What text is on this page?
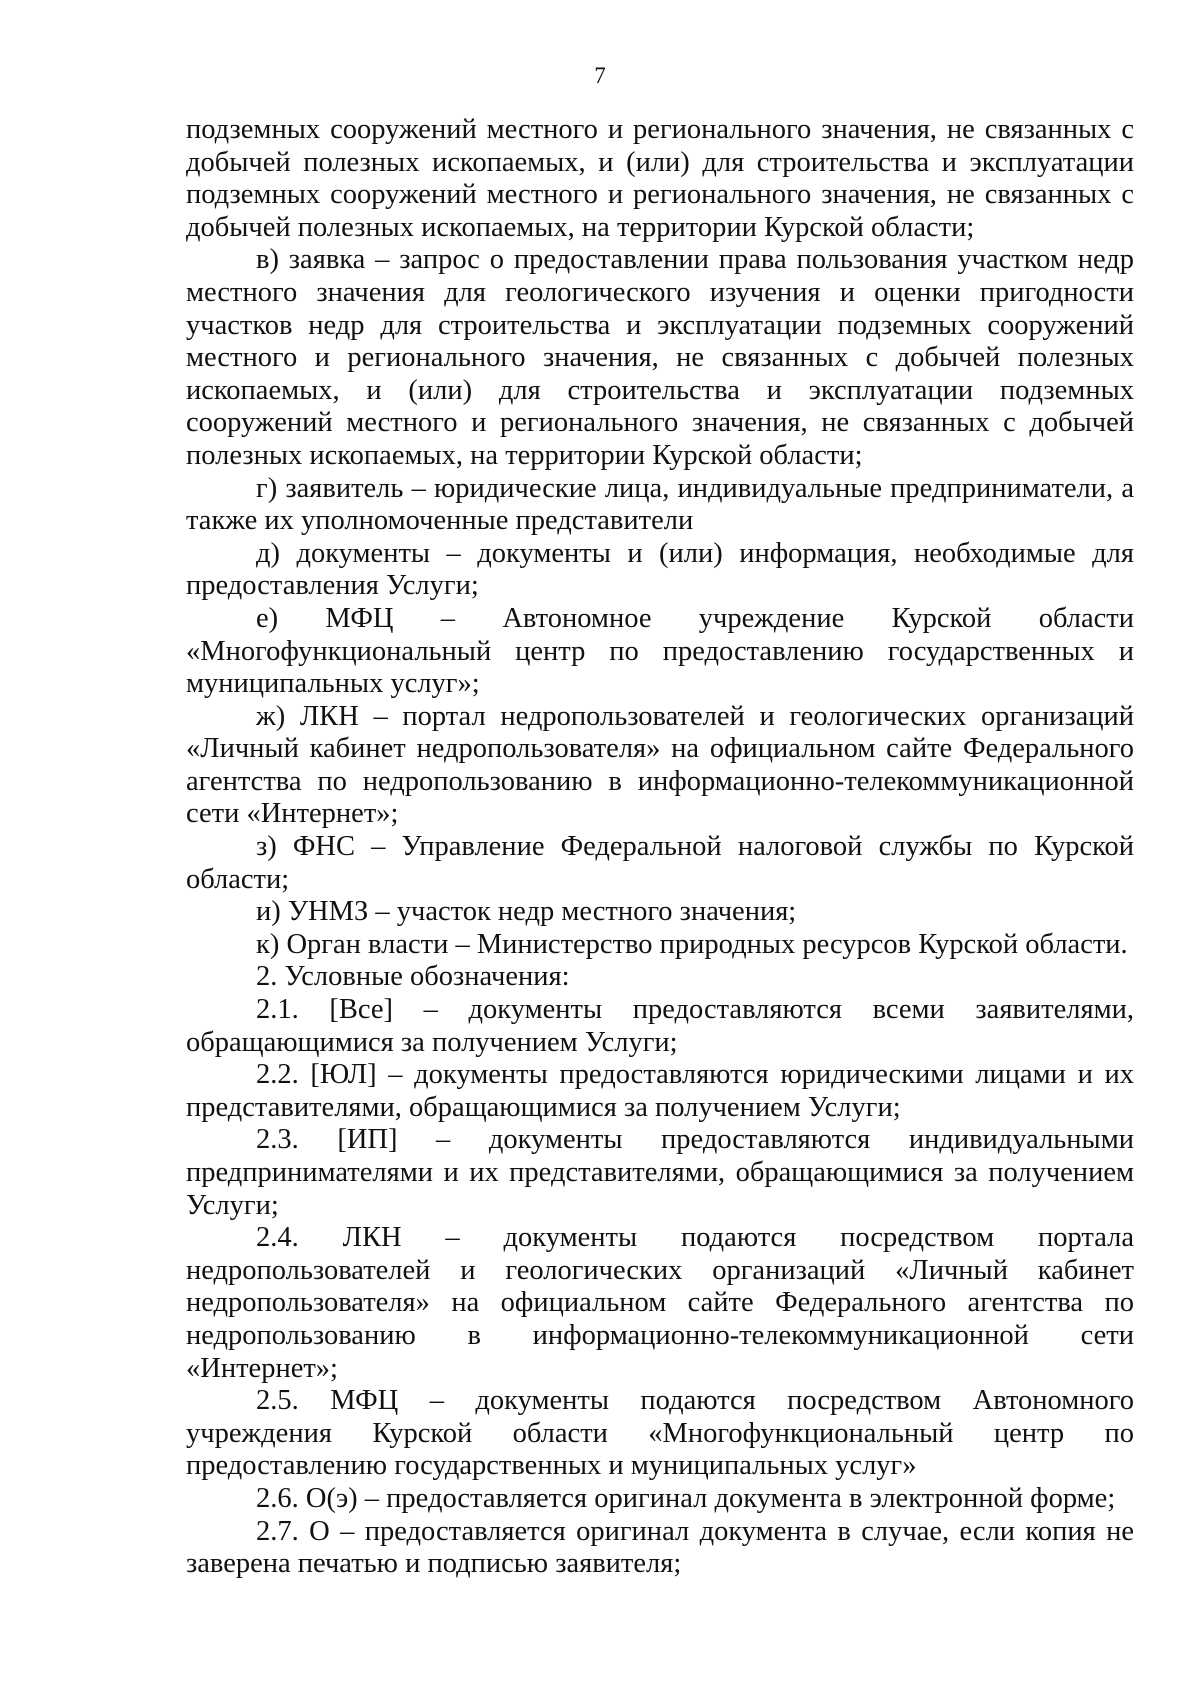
7

подземных сооружений местного и регионального значения, не связанных с добычей полезных ископаемых, и (или) для строительства и эксплуатации подземных сооружений местного и регионального значения, не связанных с добычей полезных ископаемых, на территории Курской области;

в) заявка – запрос о предоставлении права пользования участком недр местного значения для геологического изучения и оценки пригодности участков недр для строительства и эксплуатации подземных сооружений местного и регионального значения, не связанных с добычей полезных ископаемых, и (или) для строительства и эксплуатации подземных сооружений местного и регионального значения, не связанных с добычей полезных ископаемых, на территории Курской области;

г) заявитель – юридические лица, индивидуальные предприниматели, а также их уполномоченные представители

д) документы – документы и (или) информация, необходимые для предоставления Услуги;

е) МФЦ – Автономное учреждение Курской области «Многофункциональный центр по предоставлению государственных и муниципальных услуг»;

ж) ЛКН – портал недропользователей и геологических организаций «Личный кабинет недропользователя» на официальном сайте Федерального агентства по недропользованию в информационно-телекоммуникационной сети «Интернет»;

з) ФНС – Управление Федеральной налоговой службы по Курской области;

и) УНМЗ – участок недр местного значения;

к) Орган власти – Министерство природных ресурсов Курской области.

2. Условные обозначения:

2.1. [Все] – документы предоставляются всеми заявителями, обращающимися за получением Услуги;

2.2. [ЮЛ] – документы предоставляются юридическими лицами и их представителями, обращающимися за получением Услуги;

2.3. [ИП] – документы предоставляются индивидуальными предпринимателями и их представителями, обращающимися за получением Услуги;

2.4. ЛКН – документы подаются посредством портала недропользователей и геологических организаций «Личный кабинет недропользователя» на официальном сайте Федерального агентства по недропользованию в информационно-телекоммуникационной сети «Интернет»;

2.5. МФЦ – документы подаются посредством Автономного учреждения Курской области «Многофункциональный центр по предоставлению государственных и муниципальных услуг»

2.6. О(э) – предоставляется оригинал документа в электронной форме;

2.7. О – предоставляется оригинал документа в случае, если копия не заверена печатью и подписью заявителя;
